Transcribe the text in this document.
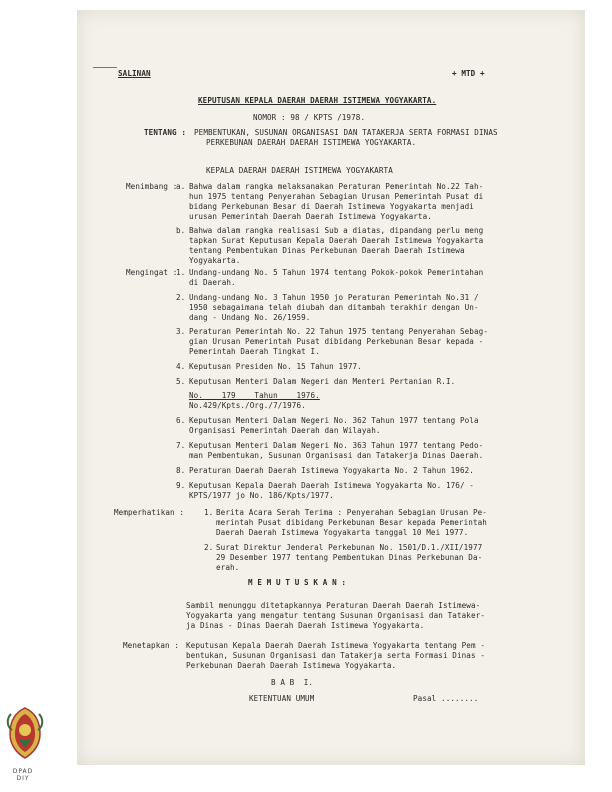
SALINAN	+ MTD +
KEPUTUSAN KEPALA DAERAH DAERAH ISTIMEWA YOGYAKARTA.
NOMOR : 98 / KPTS /1978.
TENTANG : PEMBENTUKAN, SUSUNAN ORGANISASI DAN TATAKERJA SERTA FORMASI DINAS
PERKEBUNAN DAERAH DAERAH ISTIMEWA YOGYAKARTA.
KEPALA DAERAH DAERAH ISTIMEWA YOGYAKARTA
Menimbang :
a. Bahwa dalam rangka melaksanakan Peraturan Pemerintah No.22 Tah-
hun 1975 tentang Penyerahan Sebagian Urusan Pemerintah Pusat di
bidang Perkebunan Besar di Daerah Istimewa Yogyakarta menjadi
urusan Pemerintah Daerah Daerah Istimewa Yogyakarta.
b. Bahwa dalam rangka realisasi Sub a diatas, dipandang perlu meng
tapkan Surat Keputusan Kepala Daerah Daerah Istimewa Yogyakarta
tentang Pembentukan Dinas Perkebunan Daerah Daerah Istimewa
Yogyakarta.
Mengingat :
1. Undang-undang No. 5 Tahun 1974 tentang Pokok-pokok Pemerintahan
di Daerah.
2. Undang-undang No. 3 Tahun 1950 jo Peraturan Pemerintah No.31 /
1950 sebagaimana telah diubah dan ditambah terakhir dengan Un-
dang - Undang No. 26/1959.
3. Peraturan Pemerintah No. 22 Tahun 1975 tentang Penyerahan Sebag-
gian Urusan Pemerintah Pusat dibidang Perkebunan Besar kepada -
Pemerintah Daerah Tingkat I.
4. Keputusan Presiden No. 15 Tahun 1977.
5. Keputusan Menteri Dalam Negeri dan Menteri Pertanian R.I.
No.    179    Tahun    1976.
No.429/Kpts./Org./7/1976.
6. Keputusan Menteri Dalam Negeri No. 362 Tahun 1977 tentang Pola
Organisasi Pemerintah Daerah dan Wilayah.
7. Keputusan Menteri Dalam Negeri No. 363 Tahun 1977 tentang Pedo-
man Pembentukan, Susunan Organisasi dan Tatakerja Dinas Daerah.
8. Peraturan Daerah Daerah Istimewa Yogyakarta No. 2 Tahun 1962.
9. Keputusan Kepala Daerah Daerah Istimewa Yogyakarta No. 176/ -
KPTS/1977 jo No. 186/Kpts/1977.
Memperhatikan :	1. Berita Acara Serah Terima : Penyerahan Sebagian Urusan Pe-
merintah Pusat dibidang Perkebunan Besar kepada Pemerintah
Daerah Daerah Istimewa Yogyakarta tanggal 10 Mei 1977.
2. Surat Direktur Jenderal Perkebunan No. 1501/D.1./XII/1977
29 Desember 1977 tentang Pembentukan Dinas Perkebunan Da-
erah.
M E M U T U S K A N :
Sambil menunggu ditetapkannya Peraturan Daerah Daerah Istimewa-
Yogyakarta yang mengatur tentang Susunan Organisasi dan Tataker-
ja Dinas - Dinas Daerah Daerah Istimewa Yogyakarta.
Menetapkan : Keputusan Kepala Daerah Daerah Istimewa Yogyakarta tentang Pem -
bentukan, Susunan Organisasi dan Tatakerja serta Formasi Dinas -
Perkebunan Daerah Daerah Istimewa Yogyakarta.
B A B  I.
KETENTUAN UMUM	Pasal ........
DPAD
DIY
